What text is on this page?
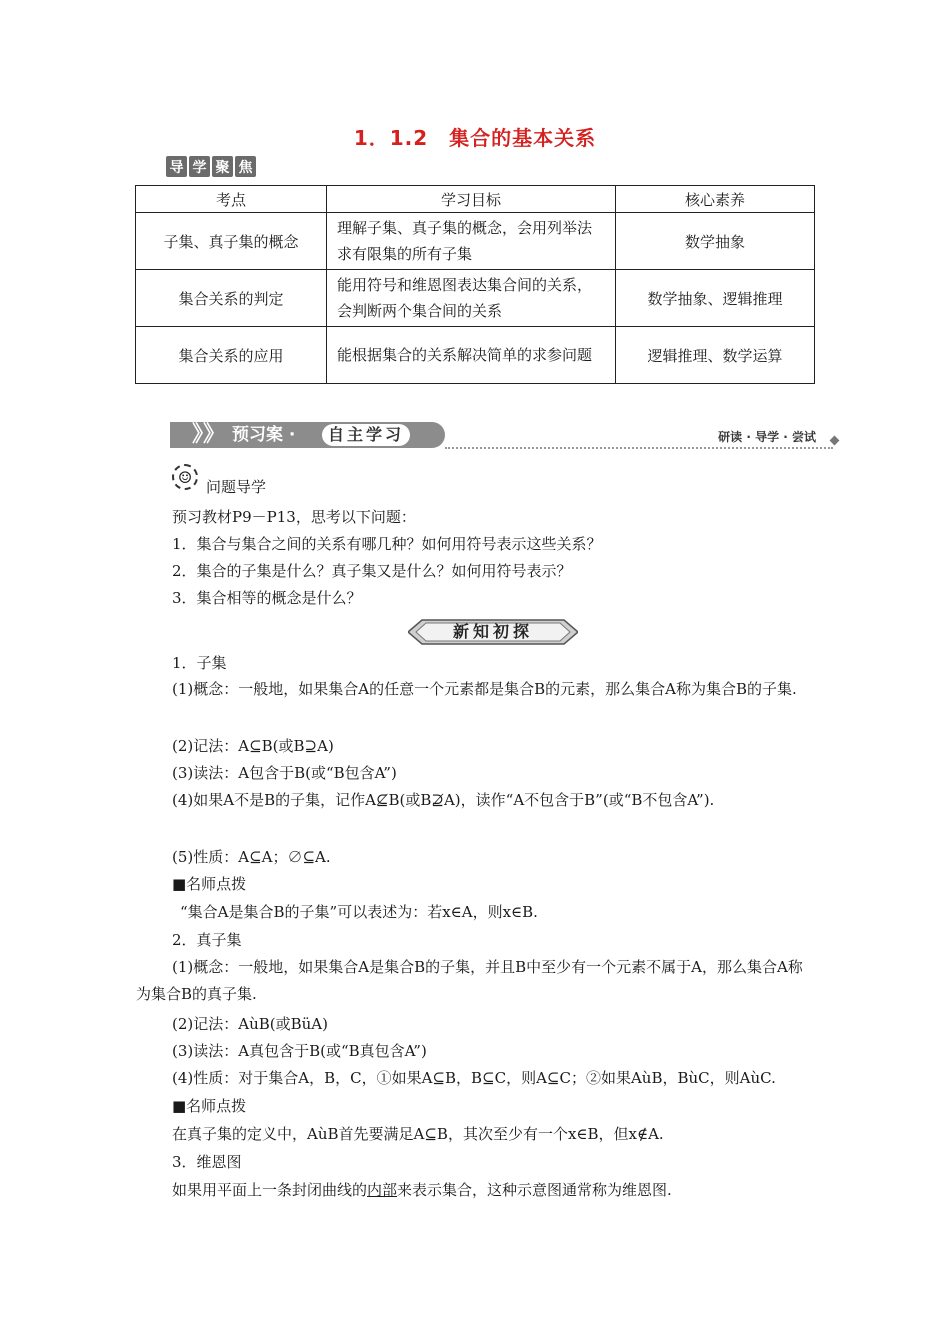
1．1.2　集合的基本关系
导 学 聚 焦
考点	学习目标	核心素养
子集、真子集的概念	理解子集、真子集的概念，会用列举法求有限集的所有子集	数学抽象
集合关系的判定	能用符号和维恩图表达集合间的关系，会判断两个集合间的关系	数学抽象、逻辑推理
集合关系的应用	能根据集合的关系解决简单的求参问题	逻辑推理、数学运算
》》 预习案 ·	自主学习	研读 · 导学 · 尝试
☺
问题导学
预习教材P9－P13，思考以下问题：
1．集合与集合之间的关系有哪几种？如何用符号表示这些关系？
2．集合的子集是什么？真子集又是什么？如何用符号表示？
3．集合相等的概念是什么？
新知初探
1．子集
(1)概念：一般地，如果集合A的任意一个元素都是集合B的元素，那么集合A称为集合B的子集.
(2)记法：A⊆B(或B⊇A)
(3)读法：A包含于B(或“B包含A”)
(4)如果A不是B的子集，记作A⊈B(或B⊉A)，读作“A不包含于B”(或“B不包含A”).
(5)性质：A⊆A；∅⊆A.
■名师点拨
“集合A是集合B的子集”可以表述为：若x∈A，则x∈B.
2．真子集
(1)概念：一般地，如果集合A是集合B的子集，并且B中至少有一个元素不属于A，那么集合A称为集合B的真子集.
(2)记法：AùB(或BüA)
(3)读法：A真包含于B(或“B真包含A”)
(4)性质：对于集合A，B，C，①如果A⊆B，B⊆C，则A⊆C；②如果AùB，BùC，则AùC.
■名师点拨
在真子集的定义中，AùB首先要满足A⊆B，其次至少有一个x∈B，但x∉A.
3．维恩图
如果用平面上一条封闭曲线的内部来表示集合，这种示意图通常称为维恩图.
